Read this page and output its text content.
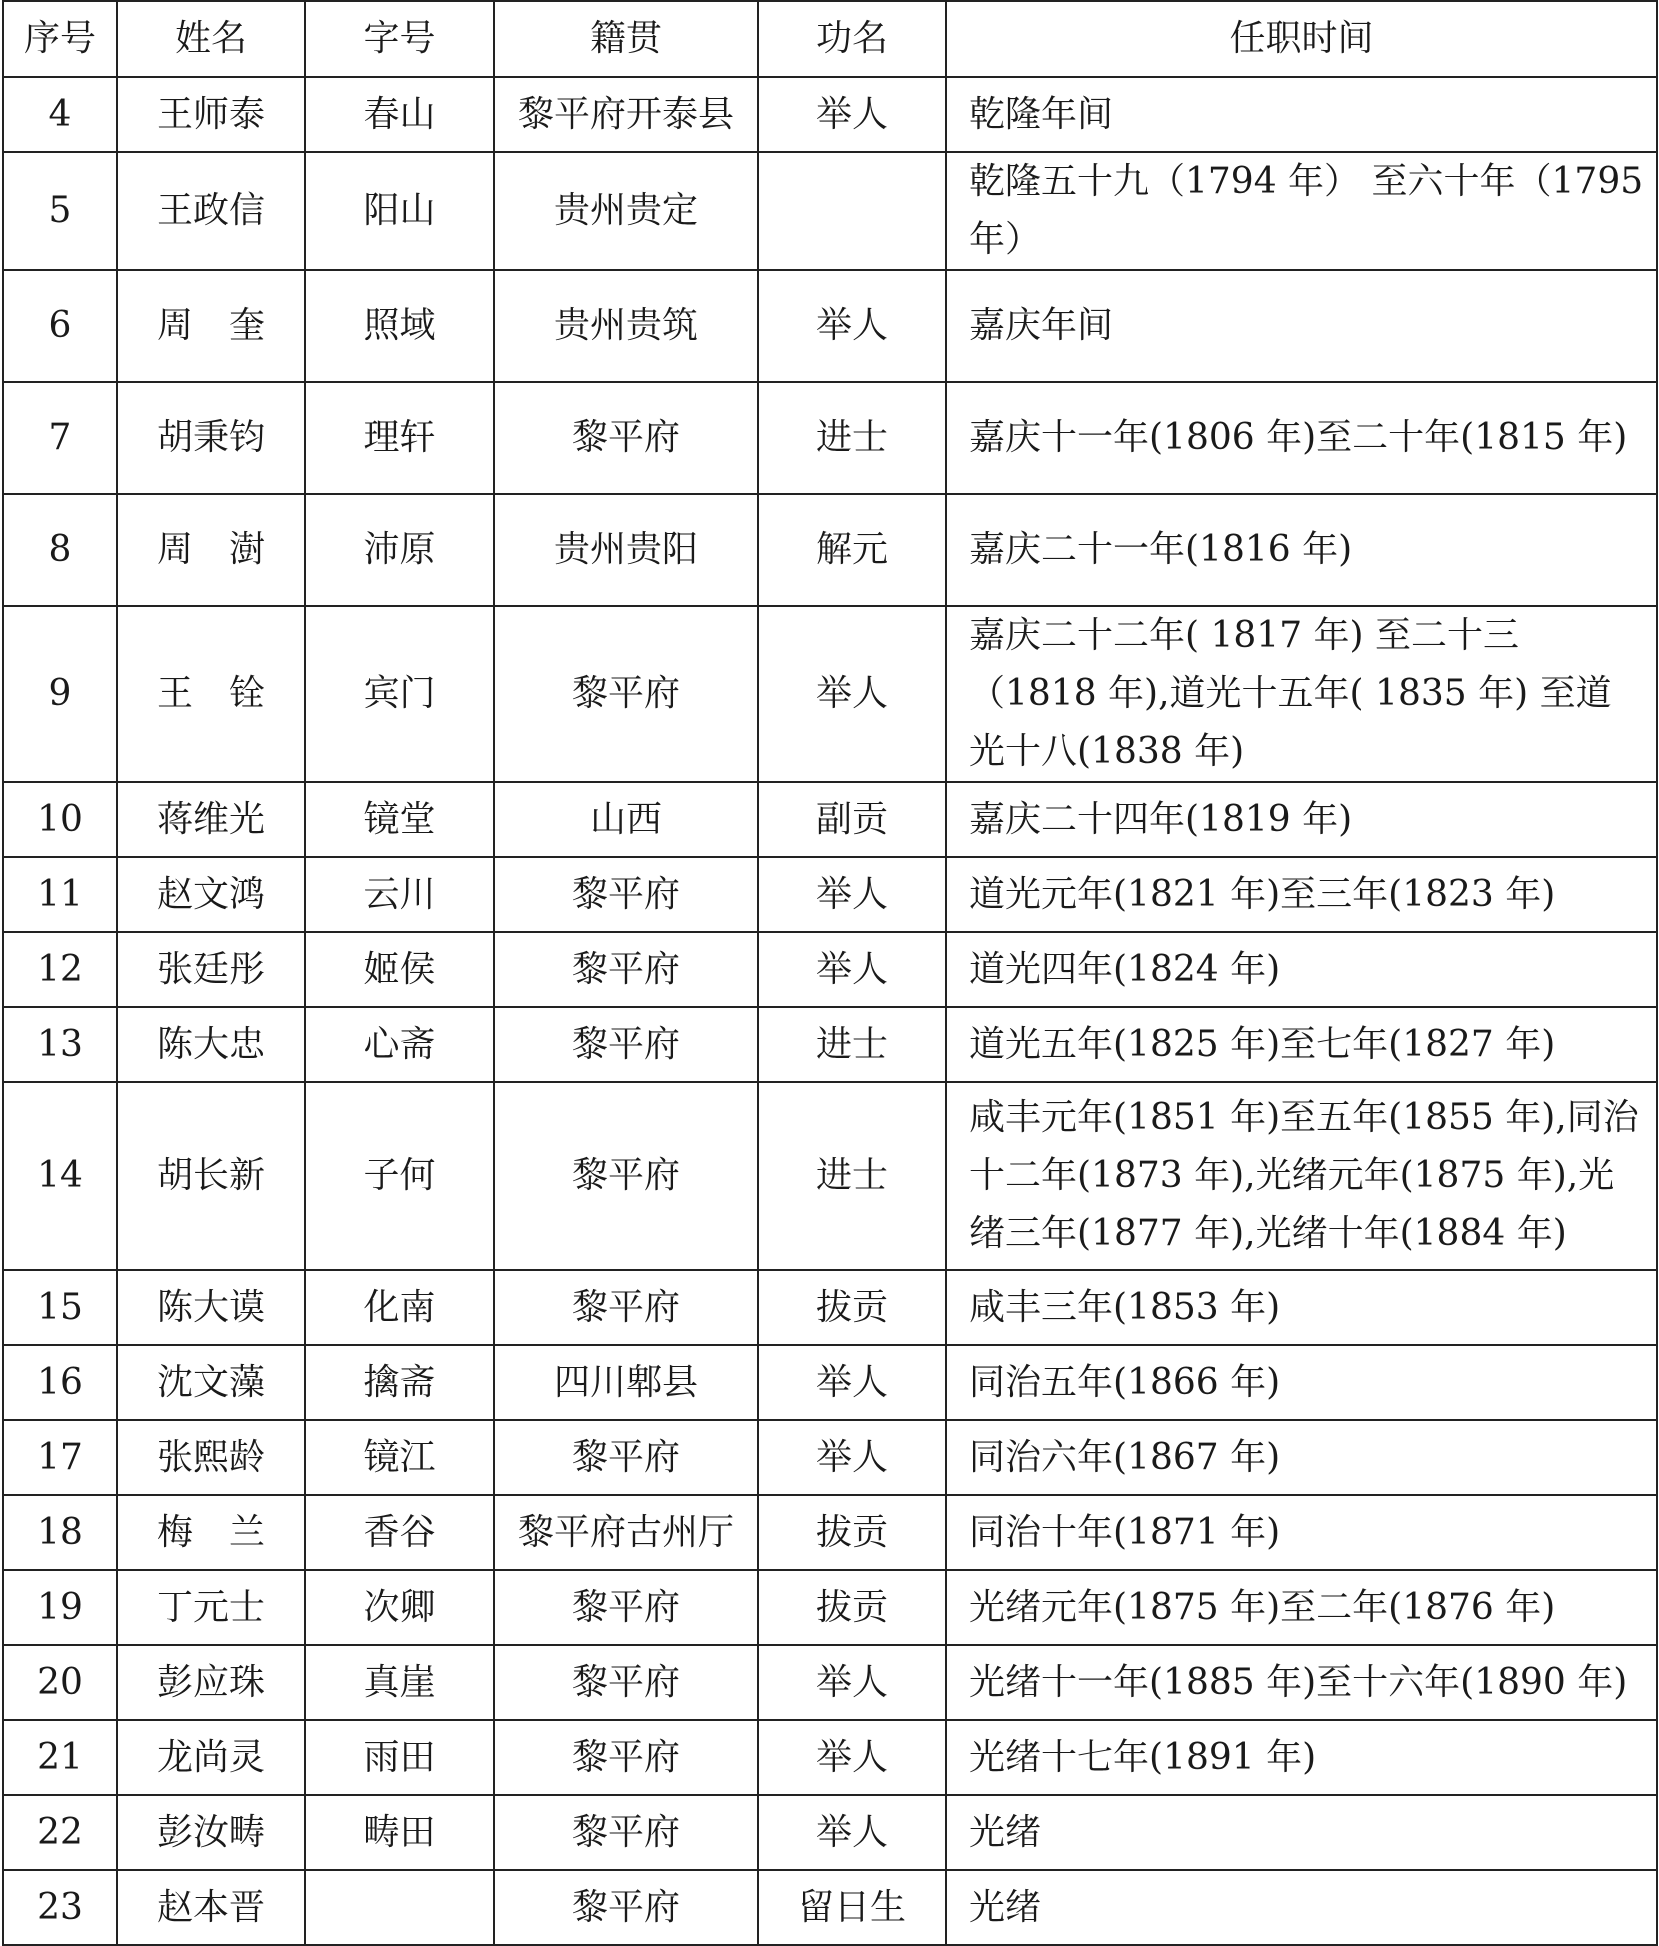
序号	姓名	字号	籍贯	功名	任职时间
4	王师泰	春山	黎平府开泰县	举人	乾隆年间
5	王政信	阳山	贵州贵定		乾隆五十九（1794 年） 至六十年（1795 年）
6	周　奎	照域	贵州贵筑	举人	嘉庆年间
7	胡秉钧	理轩	黎平府	进士	嘉庆十一年(1806 年)至二十年(1815 年)
8	周　澍	沛原	贵州贵阳	解元	嘉庆二十一年(1816 年)
9	王　铨	宾门	黎平府	举人	嘉庆二十二年( 1817 年) 至二十三（1818 年),道光十五年( 1835 年) 至道光十八(1838 年)
10	蒋维光	镜堂	山西	副贡	嘉庆二十四年(1819 年)
11	赵文鸿	云川	黎平府	举人	道光元年(1821 年)至三年(1823 年)
12	张廷彤	姬侯	黎平府	举人	道光四年(1824 年)
13	陈大忠	心斋	黎平府	进士	道光五年(1825 年)至七年(1827 年)
14	胡长新	子何	黎平府	进士	咸丰元年(1851 年)至五年(1855 年),同治十二年(1873 年),光绪元年(1875 年),光绪三年(1877 年),光绪十年(1884 年)
15	陈大谟	化南	黎平府	拔贡	咸丰三年(1853 年)
16	沈文藻	擒斋	四川郫县	举人	同治五年(1866 年)
17	张熙龄	镜江	黎平府	举人	同治六年(1867 年)
18	梅　兰	香谷	黎平府古州厅	拔贡	同治十年(1871 年)
19	丁元士	次卿	黎平府	拔贡	光绪元年(1875 年)至二年(1876 年)
20	彭应珠	真崖	黎平府	举人	光绪十一年(1885 年)至十六年(1890 年)
21	龙尚灵	雨田	黎平府	举人	光绪十七年(1891 年)
22	彭汝畴	畴田	黎平府	举人	光绪
23	赵本晋		黎平府	留日生	光绪
